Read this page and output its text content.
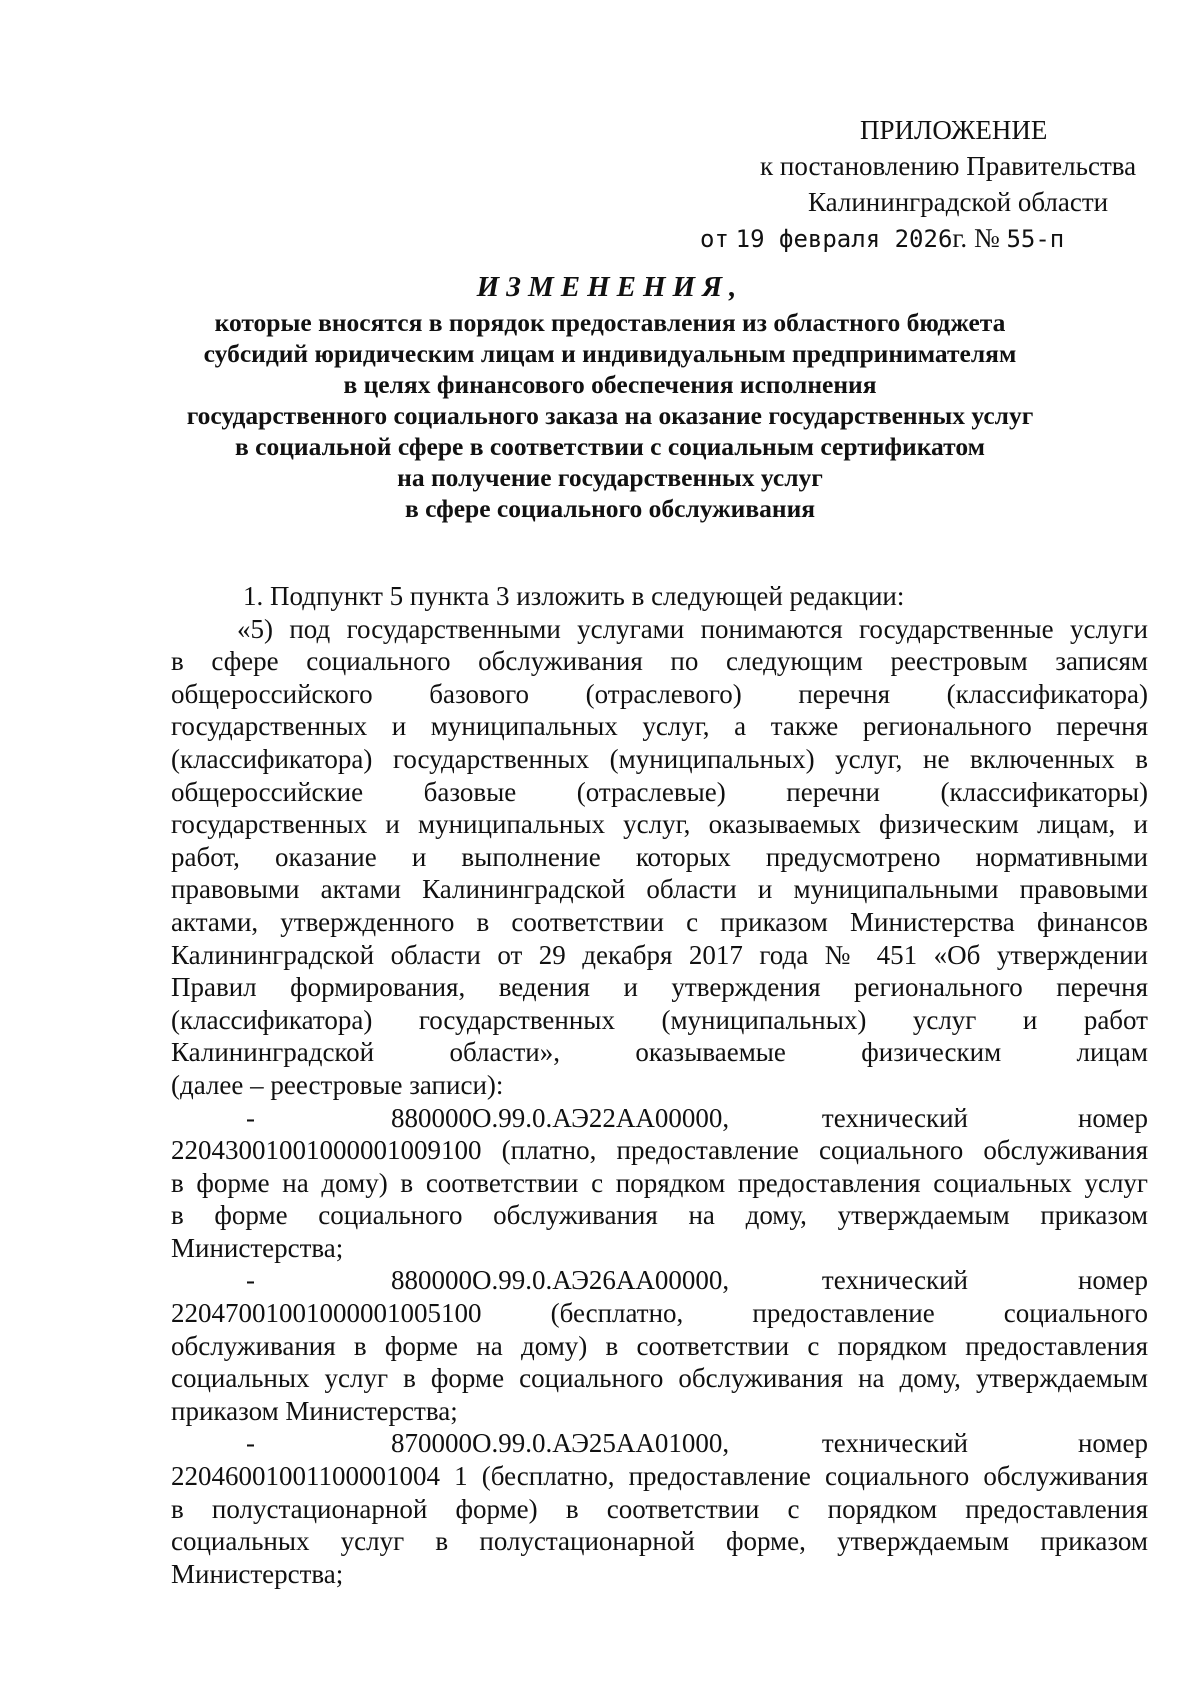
ПРИЛОЖЕНИЕ
к постановлению Правительства
Калининградской области
от 19 февраля 2026г. № 55-п
ИЗМЕНЕНИЯ,
которые вносятся в порядок предоставления из областного бюджета
субсидий юридическим лицам и индивидуальным предпринимателям
в целях финансового обеспечения исполнения
государственного социального заказа на оказание государственных услуг
в социальной сфере в соответствии с социальным сертификатом
на получение государственных услуг
в сфере социального обслуживания
1. Подпункт 5 пункта 3 изложить в следующей редакции:
«5) под государственными услугами понимаются государственные услуги
в сфере социального обслуживания по следующим реестровым записям
общероссийского базового (отраслевого) перечня (классификатора)
государственных и муниципальных услуг, а также регионального перечня
(классификатора) государственных (муниципальных) услуг, не включенных в
общероссийские базовые (отраслевые) перечни (классификаторы)
государственных и муниципальных услуг, оказываемых физическим лицам, и
работ, оказание и выполнение которых предусмотрено нормативными
правовыми актами Калининградской области и муниципальными правовыми
актами, утвержденного в соответствии с приказом Министерства финансов
Калининградской области от 29 декабря 2017 года № 451 «Об утверждении
Правил формирования, ведения и утверждения регионального перечня
(классификатора) государственных (муниципальных) услуг и работ
Калининградской области», оказываемые физическим лицам
(далее – реестровые записи):
-	880000О.99.0.АЭ22АА00000,	технический	номер
22043001001000001009100 (платно, предоставление социального обслуживания
в форме на дому) в соответствии с порядком предоставления социальных услуг
в форме социального обслуживания на дому, утверждаемым приказом
Министерства;
-	880000О.99.0.АЭ26АА00000,	технический	номер
22047001001000001005100 (бесплатно, предоставление социального
обслуживания в форме на дому) в соответствии с порядком предоставления
социальных услуг в форме социального обслуживания на дому, утверждаемым
приказом Министерства;
-	870000О.99.0.АЭ25АА01000,	технический	номер
22046001001100001004 1 (бесплатно, предоставление социального обслуживания
в полустационарной форме) в соответствии с порядком предоставления
социальных услуг в полустационарной форме, утверждаемым приказом
Министерства;
